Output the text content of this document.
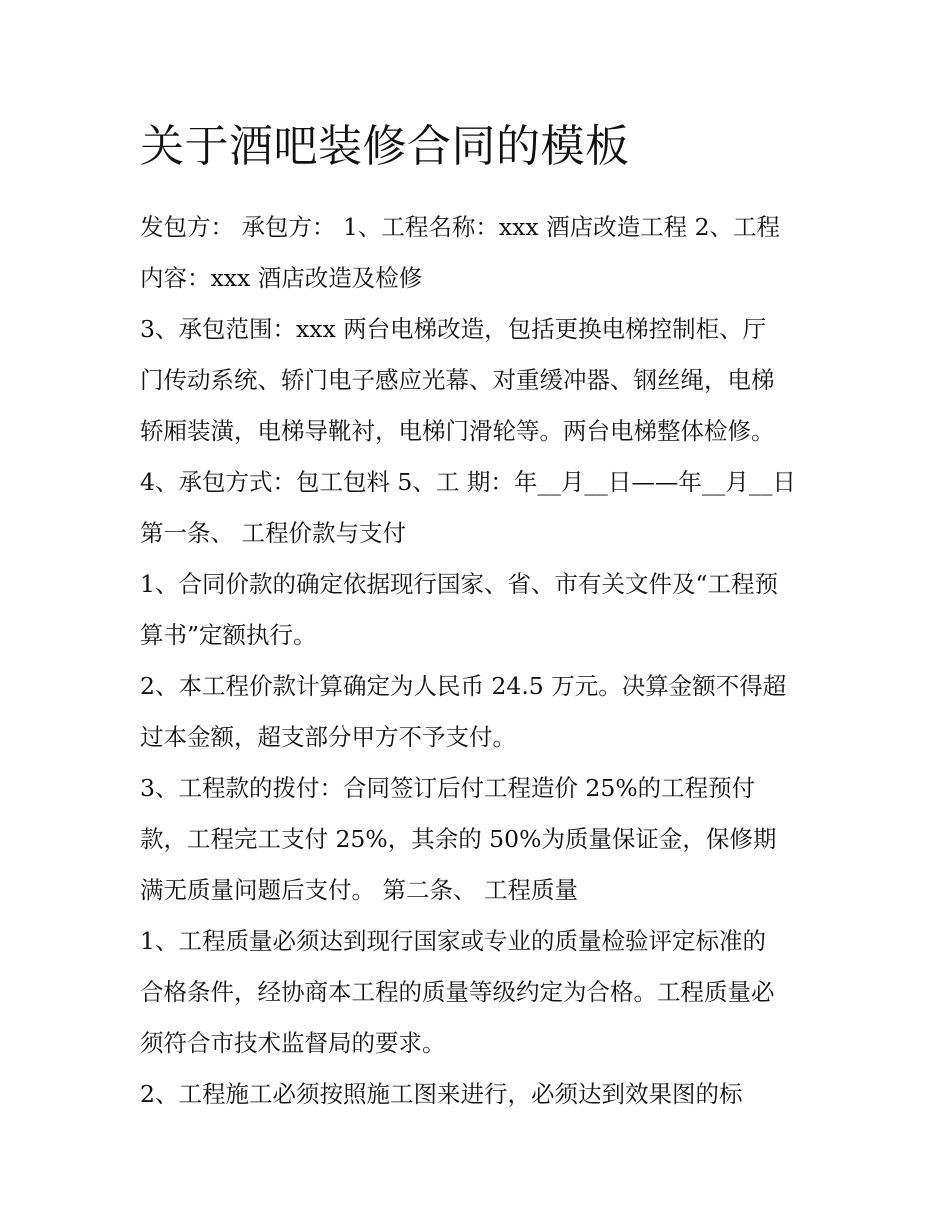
关于酒吧装修合同的模板
发包方： 承包方： 1、工程名称：xxx 酒店改造工程 2、工程
内容：xxx 酒店改造及检修
3、承包范围：xxx 两台电梯改造，包括更换电梯控制柜、厅
门传动系统、轿门电子感应光幕、对重缓冲器、钢丝绳，电梯
轿厢装潢，电梯导靴衬，电梯门滑轮等。两台电梯整体检修。
4、承包方式：包工包料 5、工 期：年__月__日——年__月__日
第一条、 工程价款与支付
1、合同价款的确定依据现行国家、省、市有关文件及“工程预
算书”定额执行。
2、本工程价款计算确定为人民币 24.5 万元。决算金额不得超
过本金额，超支部分甲方不予支付。
3、工程款的拨付：合同签订后付工程造价 25%的工程预付
款，工程完工支付 25%，其余的 50%为质量保证金，保修期
满无质量问题后支付。 第二条、 工程质量
1、工程质量必须达到现行国家或专业的质量检验评定标准的
合格条件，经协商本工程的质量等级约定为合格。工程质量必
须符合市技术监督局的要求。
2、工程施工必须按照施工图来进行，必须达到效果图的标
